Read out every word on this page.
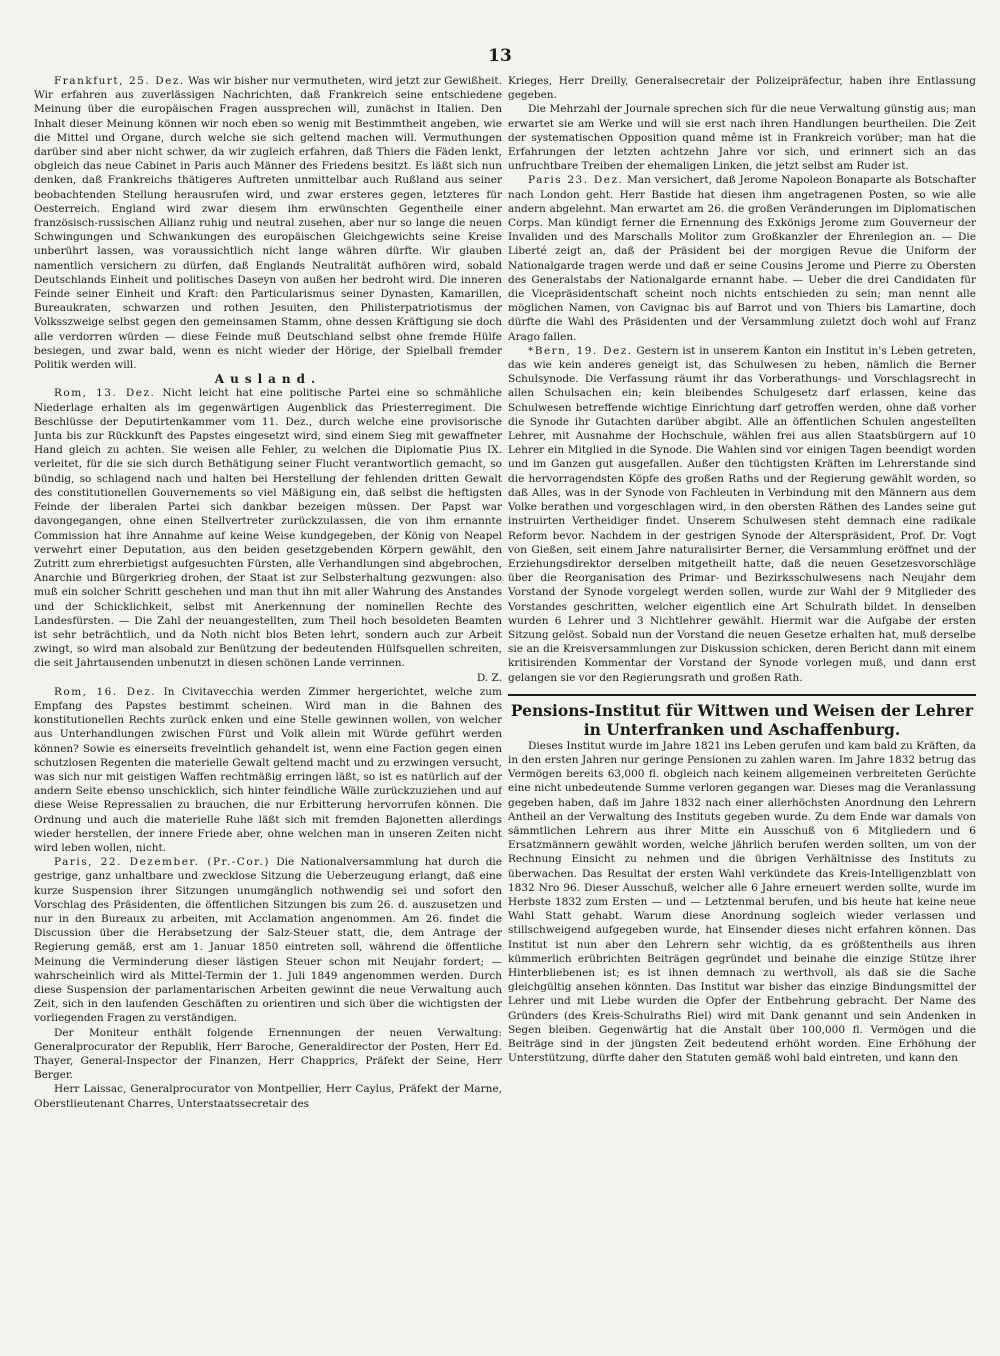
13

Frankfurt, 25. Dez. Was wir bisher nur vermutheten, wird jetzt zur Gewißheit. Wir erfahren aus zuverlässigen Nachrichten, daß Frankreich seine entschiedene Meinung über die europäischen Fragen aussprechen will, zunächst in Italien. Den Inhalt dieser Meinung können wir noch eben so wenig mit Bestimmtheit angeben, wie die Mittel und Organe, durch welche sie sich geltend machen will. Vermuthungen darüber sind aber nicht schwer, da wir zugleich erfahren, daß Thiers die Fäden lenkt, obgleich das neue Cabinet in Paris auch Männer des Friedens besitzt. Es läßt sich nun denken, daß Frankreichs thätigeres Auftreten unmittelbar auch Rußland aus seiner beobachtenden Stellung herausrufen wird, und zwar ersteres gegen, letzteres für Oesterreich. England wird zwar diesem ihm erwünschten Gegentheile einer französisch-russischen Allianz ruhig und neutral zusehen, aber nur so lange die neuen Schwingungen und Schwankungen des europäischen Gleichgewichts seine Kreise unberührt lassen, was voraussichtlich nicht lange währen dürfte. Wir glauben namentlich versichern zu dürfen, daß Englands Neutralität aufhören wird, sobald Deutschlands Einheit und politisches Daseyn von außen her bedroht wird. Die inneren Feinde seiner Einheit und Kraft: den Particularismus seiner Dynasten, Kamarillen, Bureaukraten, schwarzen und rothen Jesuiten, den Philisterpatriotismus der Volksszweige selbst gegen den gemeinsamen Stamm, ohne dessen Kräftigung sie doch alle verdorren würden — diese Feinde muß Deutschland selbst ohne fremde Hülfe besiegen, und zwar bald, wenn es nicht wieder der Hörige, der Spielball fremder Politik werden will.

Ausland.

Rom, 13. Dez. Nicht leicht hat eine politische Partei eine so schmähliche Niederlage erhalten als im gegenwärtigen Augenblick das Priesterregiment. Die Beschlüsse der Deputirtenkammer vom 11. Dez., durch welche eine provisorische Junta bis zur Rückkunft des Papstes eingesetzt wird, sind einem Sieg mit gewaffneter Hand gleich zu achten. Sie weisen alle Fehler, zu welchen die Diplomatie Pius IX. verleitet, für die sie sich durch Bethätigung seiner Flucht verantwortlich gemacht, so bündig, so schlagend nach und halten bei Herstellung der fehlenden dritten Gewalt des constitutionellen Gouvernements so viel Mäßigung ein, daß selbst die heftigsten Feinde der liberalen Partei sich dankbar bezeigen müssen. Der Papst war davongegangen, ohne einen Stellvertreter zurückzulassen, die von ihm ernannte Commission hat ihre Annahme auf keine Weise kundgegeben, der König von Neapel verwehrt einer Deputation, aus den beiden gesetzgebenden Körpern gewählt, den Zutritt zum ehrerbietigst aufgesuchten Fürsten, alle Verhandlungen sind abgebrochen, Anarchie und Bürgerkrieg drohen, der Staat ist zur Selbsterhaltung gezwungen: also muß ein solcher Schritt geschehen und man thut ihn mit aller Wahrung des Anstandes und der Schicklichkeit, selbst mit Anerkennung der nominellen Rechte des Landesfürsten. — Die Zahl der neuangestellten, zum Theil hoch besoldeten Beamten ist sehr beträchtlich, und da Noth nicht blos Beten lehrt, sondern auch zur Arbeit zwingt, so wird man alsobald zur Benützung der bedeutenden Hülfsquellen schreiten, die seit Jahrtausenden unbenutzt in diesen schönen Lande verrinnen.

D. Z.

Rom, 16. Dez. In Civitavecchia werden Zimmer hergerichtet, welche zum Empfang des Papstes bestimmt scheinen. Wird man in die Bahnen des konstitutionellen Rechts zurück enken und eine Stelle gewinnen wollen, von welcher aus Unterhandlungen zwischen Fürst und Volk allein mit Würde geführt werden können? Sowie es einerseits frevelntlich gehandelt ist, wenn eine Faction gegen einen schutzlosen Regenten die materielle Gewalt geltend macht und zu erzwingen versucht, was sich nur mit geistigen Waffen rechtmäßig erringen läßt, so ist es natürlich auf der andern Seite ebenso unschicklich, sich hinter feindliche Wälle zurückzuziehen und auf diese Weise Repressalien zu brauchen, die nur Erbitterung hervorrufen können. Die Ordnung und auch die materielle Ruhe läßt sich mit fremden Bajonetten allerdings wieder herstellen, der innere Friede aber, ohne welchen man in unseren Zeiten nicht wird leben wollen, nicht.

Paris, 22. Dezember. (Pr.-Cor.) Die Nationalversammlung hat durch die gestrige, ganz unhaltbare und zwecklose Sitzung die Ueberzeugung erlangt, daß eine kurze Suspension ihrer Sitzungen unumgänglich nothwendig sei und sofort den Vorschlag des Präsidenten, die öffentlichen Sitzungen bis zum 26. d. auszusetzen und nur in den Bureaux zu arbeiten, mit Acclamation angenommen. Am 26. findet die Discussion über die Herabsetzung der Salz-Steuer statt, die, dem Antrage der Regierung gemäß, erst am 1. Januar 1850 eintreten soll, während die öffentliche Meinung die Verminderung dieser lästigen Steuer schon mit Neujahr fordert; — wahrscheinlich wird als Mittel-Termin der 1. Juli 1849 angenommen werden. Durch diese Suspension der parlamentarischen Arbeiten gewinnt die neue Verwaltung auch Zeit, sich in den laufenden Geschäften zu orientiren und sich über die wichtigsten der vorliegenden Fragen zu verständigen.

Der Moniteur enthält folgende Ernennungen der neuen Verwaltung: Generalprocurator der Republik, Herr Baroche, Generaldirector der Posten, Herr Ed. Thayer, General-Inspector der Finanzen, Herr Chapprics, Präfekt der Seine, Herr Berger.

Herr Laissac, Generalprocurator von Montpellier, Herr Caylus, Präfekt der Marne, Oberstlieutenant Charres, Unterstaatssecretair des

Krieges, Herr Dreilly, Generalsecretair der Polizeipräfectur, haben ihre Entlassung gegeben.

Die Mehrzahl der Journale sprechen sich für die neue Verwaltung günstig aus; man erwartet sie am Werke und will sie erst nach ihren Handlungen beurtheilen. Die Zeit der systematischen Opposition quand même ist in Frankreich vorüber; man hat die Erfahrungen der letzten achtzehn Jahre vor sich, und erinnert sich an das unfruchtbare Treiben der ehemaligen Linken, die jetzt selbst am Ruder ist.

Paris 23. Dez. Man versichert, daß Jerome Napoleon Bonaparte als Botschafter nach London geht. Herr Bastide hat diesen ihm angetragenen Posten, so wie alle andern abgelehnt. Man erwartet am 26. die großen Veränderungen im Diplomatischen Corps. Man kündigt ferner die Ernennung des Exkönigs Jerome zum Gouverneur der Invaliden und des Marschalls Molitor zum Großkanzler der Ehrenlegion an. — Die Liberté zeigt an, daß der Präsident bei der morgigen Revue die Uniform der Nationalgarde tragen werde und daß er seine Cousins Jerome und Pierre zu Obersten des Generalstabs der Nationalgarde ernannt habe. — Ueber die drei Candidaten für die Vicepräsidentschaft scheint noch nichts entschieden zu sein; man nennt alle möglichen Namen, von Cavignac bis auf Barrot und von Thiers bis Lamartine, doch dürfte die Wahl des Präsidenten und der Versammlung zuletzt doch wohl auf Franz Arago fallen.

*Bern, 19. Dez. Gestern ist in unserem Kanton ein Institut in's Leben getreten, das wie kein anderes geneigt ist, das Schulwesen zu heben, nämlich die Berner Schulsynode. Die Verfassung räumt ihr das Vorberathungs- und Vorschlagsrecht in allen Schulsachen ein; kein bleibendes Schulgesetz darf erlassen, keine das Schulwesen betreffende wichtige Einrichtung darf getroffen werden, ohne daß vorher die Synode ihr Gutachten darüber abgibt. Alle an öffentlichen Schulen angestellten Lehrer, mit Ausnahme der Hochschule, wählen frei aus allen Staatsbürgern auf 10 Lehrer ein Mitglied in die Synode. Die Wahlen sind vor einigen Tagen beendigt worden und im Ganzen gut ausgefallen. Außer den tüchtigsten Kräften im Lehrerstande sind die hervorragendsten Köpfe des großen Raths und der Regierung gewählt worden, so daß Alles, was in der Synode von Fachleuten in Verbindung mit den Männern aus dem Volke berathen und vorgeschlagen wird, in den obersten Räthen des Landes seine gut instruirten Vertheidiger findet. Unserem Schulwesen steht demnach eine radikale Reform bevor. Nachdem in der gestrigen Synode der Alterspräsident, Prof. Dr. Vogt von Gießen, seit einem Jahre naturalisirter Berner, die Versammlung eröffnet und der Erziehungsdirektor derselben mitgetheilt hatte, daß die neuen Gesetzesvorschläge über die Reorganisation des Primar- und Bezirksschulwesens nach Neujahr dem Vorstand der Synode vorgelegt werden sollen, wurde zur Wahl der 9 Mitglieder des Vorstandes geschritten, welcher eigentlich eine Art Schulrath bildet. In denselben wurden 6 Lehrer und 3 Nichtlehrer gewählt. Hiermit war die Aufgabe der ersten Sitzung gelöst. Sobald nun der Vorstand die neuen Gesetze erhalten hat, muß derselbe sie an die Kreisversammlungen zur Diskussion schicken, deren Bericht dann mit einem kritisirenden Kommentar der Vorstand der Synode vorlegen muß, und dann erst gelangen sie vor den Regierungsrath und großen Rath.

Pensions-Institut für Wittwen und Weisen der Lehrer in Unterfranken und Aschaffenburg.

Dieses Institut wurde im Jahre 1821 ins Leben gerufen und kam bald zu Kräften, da in den ersten Jahren nur geringe Pensionen zu zahlen waren. Im Jahre 1832 betrug das Vermögen bereits 63,000 fl. obgleich nach keinem allgemeinen verbreiteten Gerüchte eine nicht unbedeutende Summe verloren gegangen war. Dieses mag die Veranlassung gegeben haben, daß im Jahre 1832 nach einer allerhöchsten Anordnung den Lehrern Antheil an der Verwaltung des Instituts gegeben wurde. Zu dem Ende war damals von sämmtlichen Lehrern aus ihrer Mitte ein Ausschuß von 6 Mitgliedern und 6 Ersatzmännern gewählt worden, welche jährlich berufen werden sollten, um von der Rechnung Einsicht zu nehmen und die übrigen Verhältnisse des Instituts zu überwachen. Das Resultat der ersten Wahl verkündete das Kreis-Intelligenzblatt von 1832 Nro 96. Dieser Ausschuß, welcher alle 6 Jahre erneuert werden sollte, wurde im Herbste 1832 zum Ersten — und — Letztenmal berufen, und bis heute hat keine neue Wahl Statt gehabt. Warum diese Anordnung sogleich wieder verlassen und stillschweigend aufgegeben wurde, hat Einsender dieses nicht erfahren können. Das Institut ist nun aber den Lehrern sehr wichtig, da es größtentheils aus ihren kümmerlich erübrichten Beiträgen gegründet und beinahe die einzige Stütze ihrer Hinterbliebenen ist; es ist ihnen demnach zu werthvoll, als daß sie die Sache gleichgültig ansehen könnten. Das Institut war bisher das einzige Bindungsmittel der Lehrer und mit Liebe wurden die Opfer der Entbehrung gebracht. Der Name des Gründers (des Kreis-Schulraths Riel) wird mit Dank genannt und sein Andenken in Segen bleiben. Gegenwärtig hat die Anstalt über 100,000 fl. Vermögen und die Beiträge sind in der jüngsten Zeit bedeutend erhöht worden. Eine Erhöhung der Unterstützung, dürfte daher den Statuten gemäß wohl bald eintreten, und kann den
